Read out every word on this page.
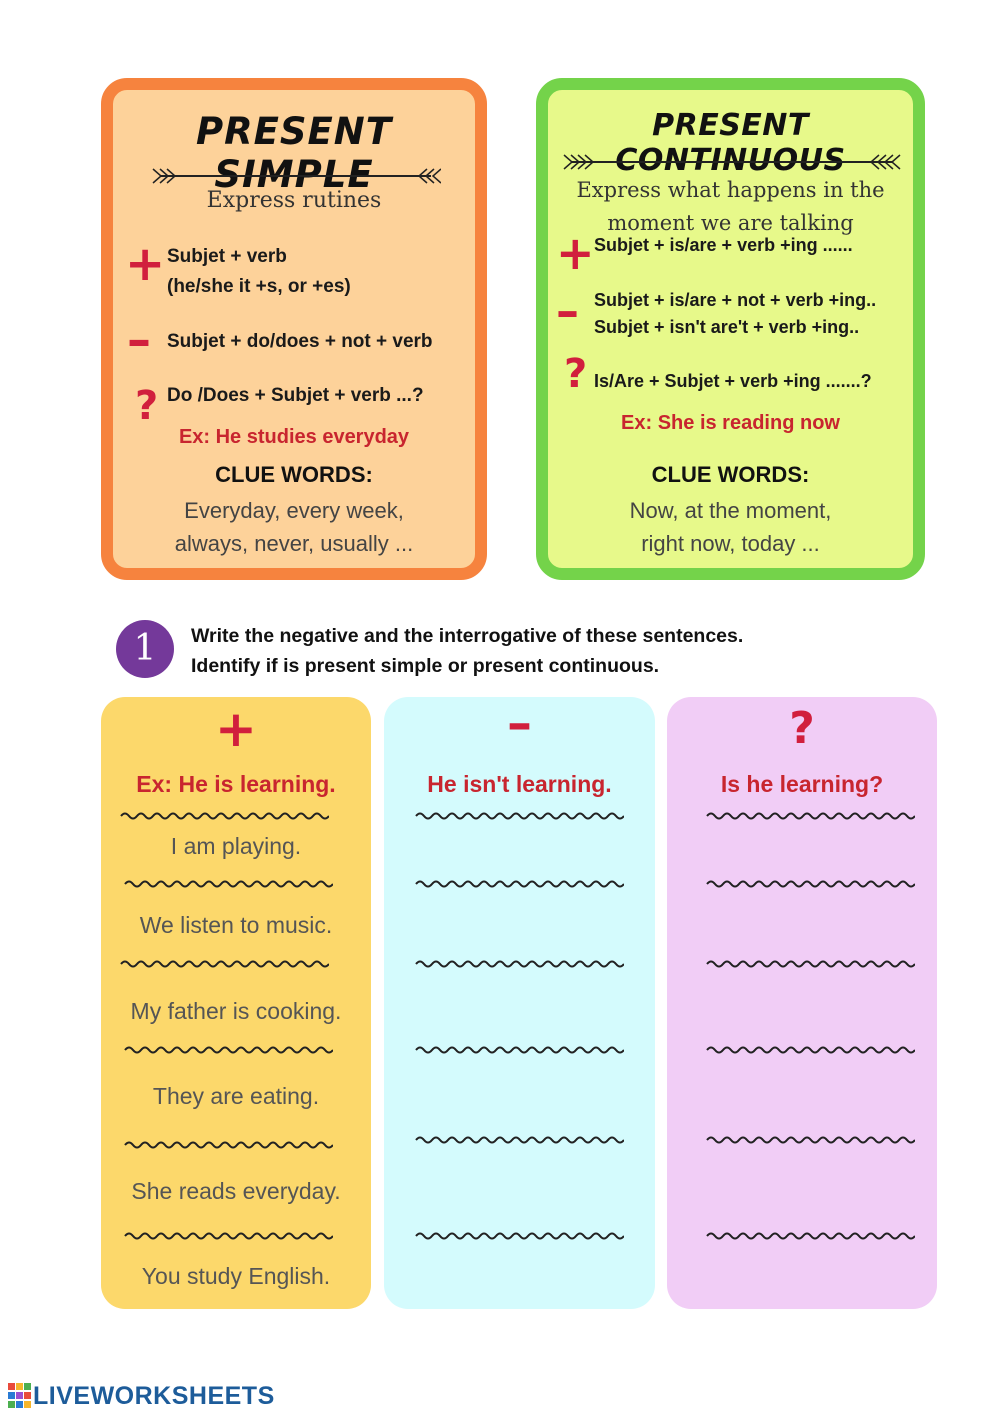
PRESENT SIMPLE
Express rutines
+ Subjet + verb
(he/she it +s, or +es)
– Subjet + do/does + not + verb
? Do /Does + Subjet + verb ...?
Ex: He studies everyday
CLUE WORDS:
Everyday, every week,
always, never, usually ...
PRESENT CONTINUOUS
Express what happens in the
moment we are talking
+ Subjet + is/are + verb +ing ......
– Subjet + is/are + not + verb +ing..
Subjet + isn't are't + verb +ing..
? Is/Are + Subjet + verb +ing .......?
Ex: She is reading now
CLUE WORDS:
Now, at the moment,
right now, today ...
1	Write the negative and the interrogative of these sentences.
Identify if is present simple or present continuous.
+
Ex: He is learning.
I am playing.
We listen to music.
My father is cooking.
They are eating.
She reads everyday.
You study English.
–
He isn't learning.
?
Is he learning?
LIVEWORKSHEETS
